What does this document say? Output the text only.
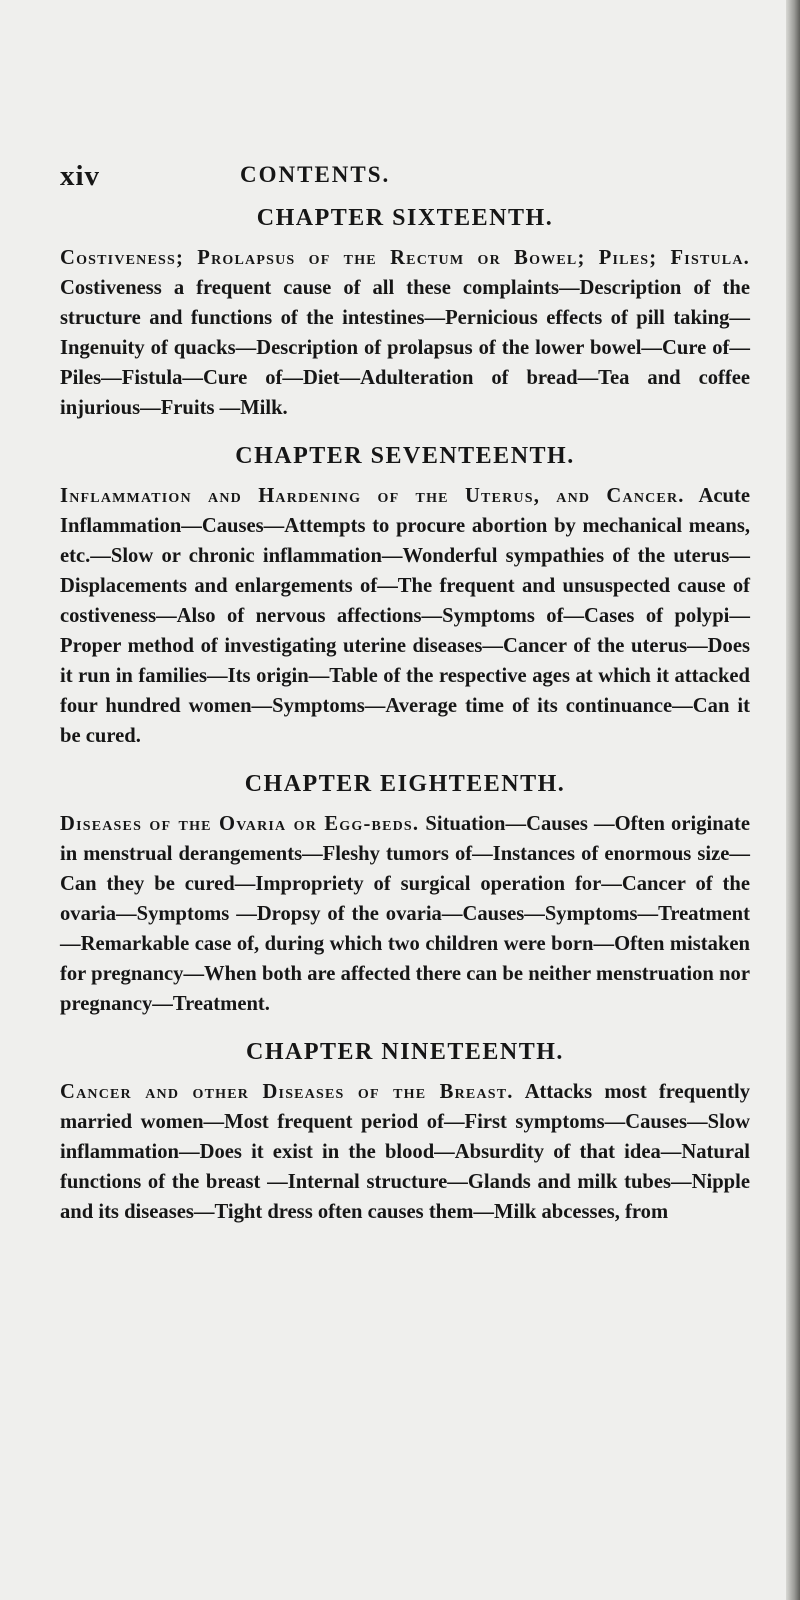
xiv	CONTENTS.
CHAPTER SIXTEENTH.

Costiveness; Prolapsus of the Rectum or Bowel; Piles; Fistula. Costiveness a frequent cause of all these complaints—Description of the structure and functions of the intestines—Pernicious effects of pill taking—Ingenuity of quacks—Description of prolapsus of the lower bowel—Cure of—Piles—Fistula—Cure of—Diet—Adulteration of bread—Tea and coffee injurious—Fruits —Milk.

CHAPTER SEVENTEENTH.

Inflammation and Hardening of the Uterus, and Cancer. Acute Inflammation—Causes—Attempts to procure abortion by mechanical means, etc.—Slow or chronic inflammation—Wonderful sympathies of the uterus—Displacements and enlargements of—The frequent and unsuspected cause of costiveness—Also of nervous affections—Symptoms of—Cases of polypi—Proper method of investigating uterine diseases—Cancer of the uterus—Does it run in families—Its origin—Table of the respective ages at which it attacked four hundred women—Symptoms—Average time of its continuance—Can it be cured.

CHAPTER EIGHTEENTH.

Diseases of the Ovaria or Egg-beds. Situation—Causes —Often originate in menstrual derangements—Fleshy tumors of—Instances of enormous size—Can they be cured—Impropriety of surgical operation for—Cancer of the ovaria—Symptoms —Dropsy of the ovaria—Causes—Symptoms—Treatment—Remarkable case of, during which two children were born—Often mistaken for pregnancy—When both are affected there can be neither menstruation nor pregnancy—Treatment.

CHAPTER NINETEENTH.

Cancer and other Diseases of the Breast. Attacks most frequently married women—Most frequent period of—First symptoms—Causes—Slow inflammation—Does it exist in the blood—Absurdity of that idea—Natural functions of the breast —Internal structure—Glands and milk tubes—Nipple and its diseases—Tight dress often causes them—Milk abcesses, from
